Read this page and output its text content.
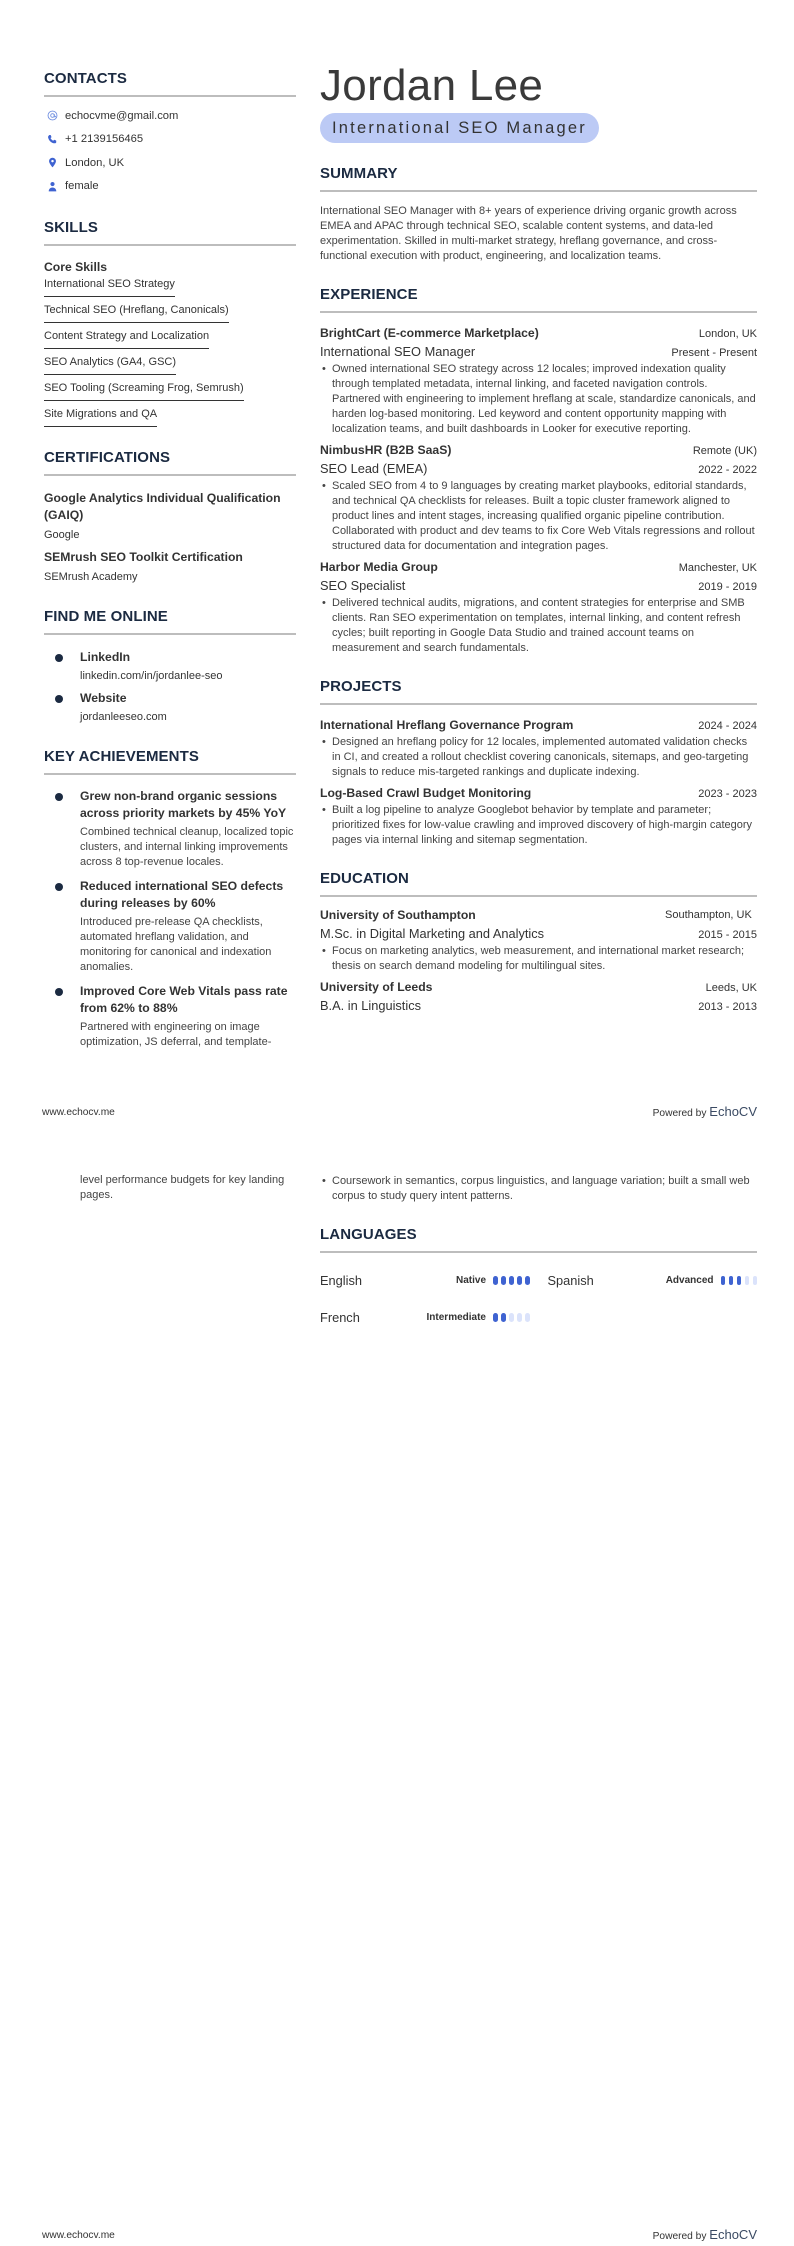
CONTACTS
echocvme@gmail.com
+1 2139156465
London, UK
female
SKILLS
Core Skills
International SEO Strategy
Technical SEO (Hreflang, Canonicals)
Content Strategy and Localization
SEO Analytics (GA4, GSC)
SEO Tooling (Screaming Frog, Semrush)
Site Migrations and QA
CERTIFICATIONS
Google Analytics Individual Qualification (GAIQ)
Google
SEMrush SEO Toolkit Certification
SEMrush Academy
FIND ME ONLINE
LinkedIn
linkedin.com/in/jordanlee-seo
Website
jordanleeseo.com
KEY ACHIEVEMENTS
Grew non-brand organic sessions across priority markets by 45% YoY
Combined technical cleanup, localized topic clusters, and internal linking improvements across 8 top-revenue locales.
Reduced international SEO defects during releases by 60%
Introduced pre-release QA checklists, automated hreflang validation, and monitoring for canonical and indexation anomalies.
Improved Core Web Vitals pass rate from 62% to 88%
Partnered with engineering on image optimization, JS deferral, and template-
Jordan Lee
International SEO Manager
SUMMARY

International SEO Manager with 8+ years of experience driving organic growth across EMEA and APAC through technical SEO, scalable content systems, and data-led experimentation. Skilled in multi-market strategy, hreflang governance, and cross-functional execution with product, engineering, and localization teams.

EXPERIENCE
BrightCart (E-commerce Marketplace)	London, UK
International SEO Manager	Present - Present
• Owned international SEO strategy across 12 locales; improved indexation quality through templated metadata, internal linking, and faceted navigation controls. Partnered with engineering to implement hreflang at scale, standardize canonicals, and harden log-based monitoring. Led keyword and content opportunity mapping with localization teams, and built dashboards in Looker for executive reporting.
NimbusHR (B2B SaaS)	Remote (UK)
SEO Lead (EMEA)	2022 - 2022
• Scaled SEO from 4 to 9 languages by creating market playbooks, editorial standards, and technical QA checklists for releases. Built a topic cluster framework aligned to product lines and intent stages, increasing qualified organic pipeline contribution. Collaborated with product and dev teams to fix Core Web Vitals regressions and rollout structured data for documentation and integration pages.
Harbor Media Group	Manchester, UK
SEO Specialist	2019 - 2019
• Delivered technical audits, migrations, and content strategies for enterprise and SMB clients. Ran SEO experimentation on templates, internal linking, and content refresh cycles; built reporting in Google Data Studio and trained account teams on measurement and search fundamentals.
PROJECTS
International Hreflang Governance Program	2024 - 2024
• Designed an hreflang policy for 12 locales, implemented automated validation checks in CI, and created a rollout checklist covering canonicals, sitemaps, and geo-targeting signals to reduce mis-targeted rankings and duplicate indexing.
Log-Based Crawl Budget Monitoring	2023 - 2023
• Built a log pipeline to analyze Googlebot behavior by template and parameter; prioritized fixes for low-value crawling and improved discovery of high-margin category pages via internal linking and sitemap segmentation.
EDUCATION
University of Southampton	Southampton, UK
M.Sc. in Digital Marketing and Analytics	2015 - 2015
• Focus on marketing analytics, web measurement, and international market research; thesis on search demand modeling for multilingual sites.
University of Leeds	Leeds, UK
B.A. in Linguistics	2013 - 2013
www.echocv.me	Powered by EchoCV
level performance budgets for key landing pages.
• Coursework in semantics, corpus linguistics, and language variation; built a small web corpus to study query intent patterns.
LANGUAGES
English	Native	Spanish	Advanced
French	Intermediate
www.echocv.me	Powered by EchoCV
